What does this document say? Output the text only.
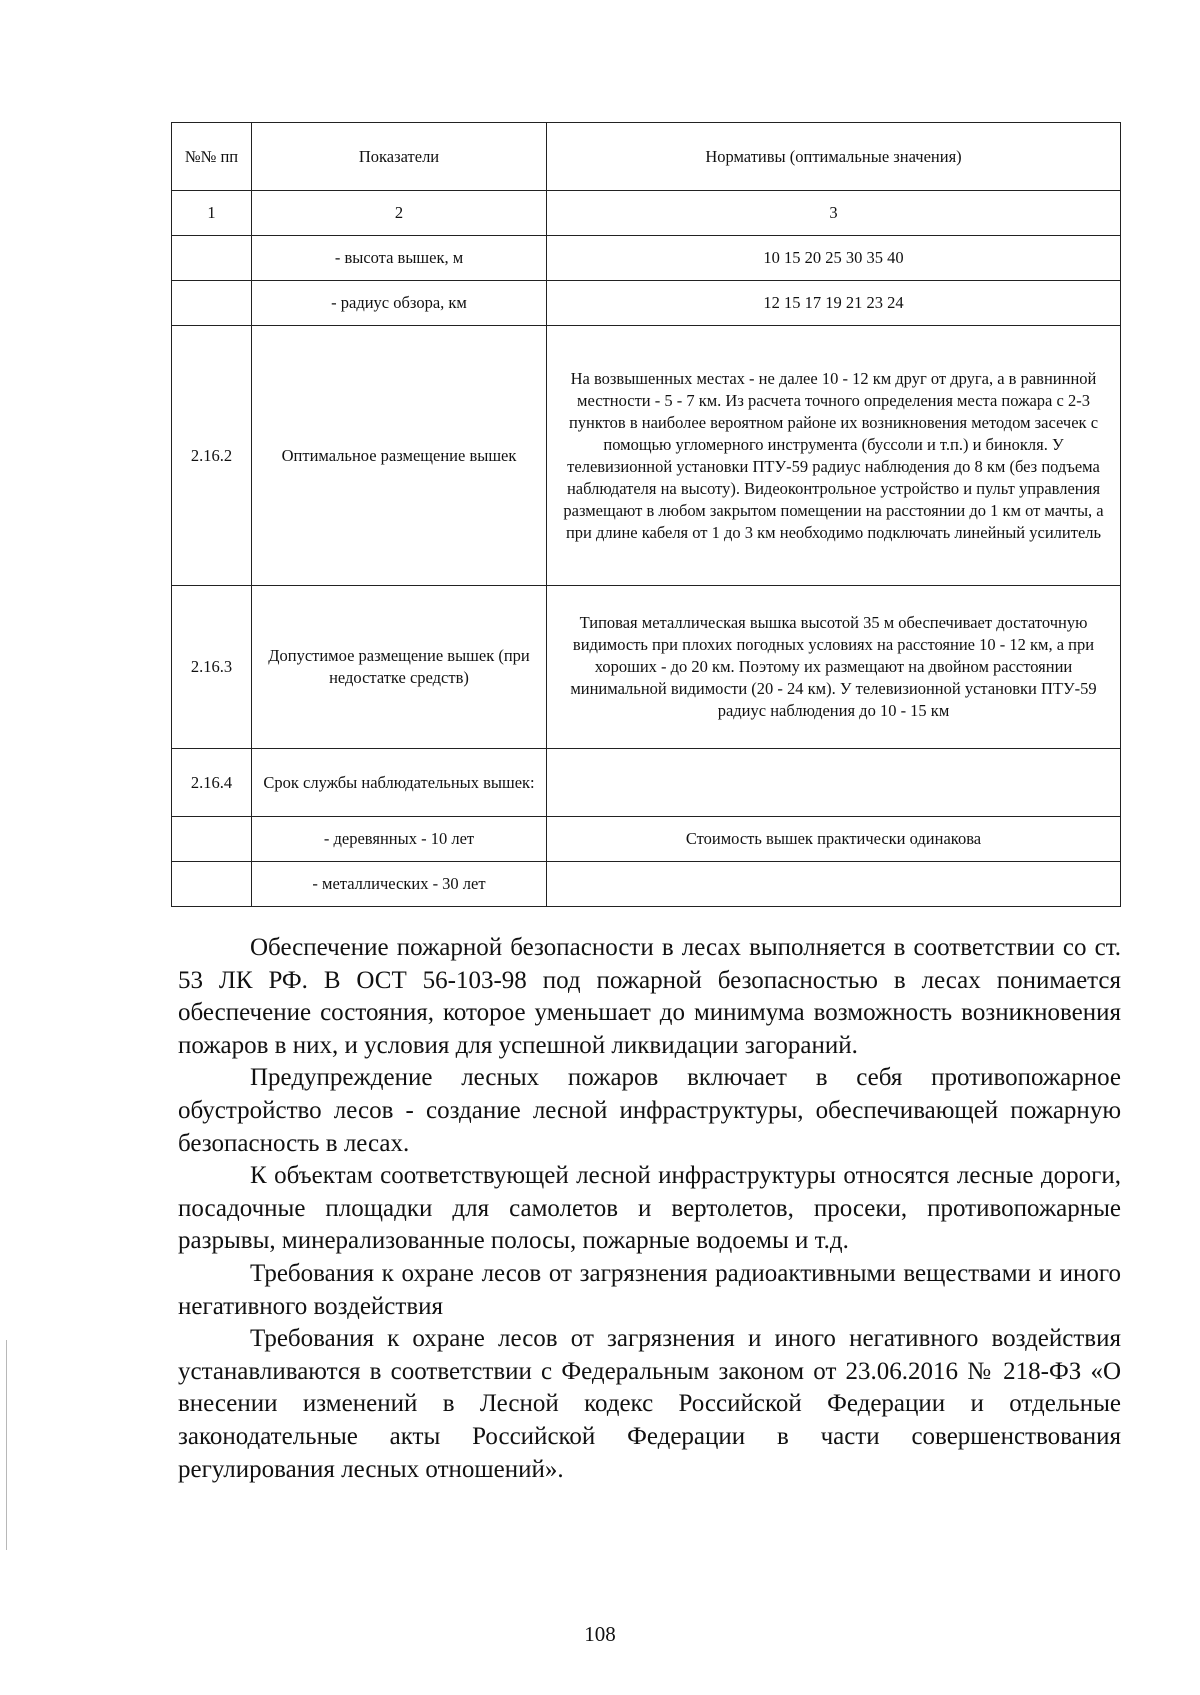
№№ пп	Показатели	Нормативы (оптимальные значения)
1	2	3
	- высота вышек, м	10 15 20 25 30 35 40
	- радиус обзора, км	12 15 17 19 21 23 24
2.16.2	Оптимальное размещение вышек	На возвышенных местах - не далее 10 - 12 км друг от друга, а в равнинной местности - 5 - 7 км. Из расчета точного определения места пожара с 2-3 пунктов в наиболее вероятном районе их возникновения методом засечек с помощью угломерного инструмента (буссоли и т.п.) и бинокля. У телевизионной установки ПТУ-59 радиус наблюдения до 8 км (без подъема наблюдателя на высоту). Видеоконтрольное устройство и пульт управления размещают в любом закрытом помещении на расстоянии до 1 км от мачты, а при длине кабеля от 1 до 3 км необходимо подключать линейный усилитель
2.16.3	Допустимое размещение вышек (при недостатке средств)	Типовая металлическая вышка высотой 35 м обеспечивает достаточную видимость при плохих погодных условиях на расстояние 10 - 12 км, а при хороших - до 20 км. Поэтому их размещают на двойном расстоянии минимальной видимости (20 - 24 км). У телевизионной установки ПТУ-59 радиус наблюдения до 10 - 15 км
2.16.4	Срок службы наблюдательных вышек:	
	- деревянных - 10 лет	Стоимость вышек практически одинакова
	- металлических - 30 лет	

Обеспечение пожарной безопасности в лесах выполняется в соответствии со ст. 53 ЛК РФ. В ОСТ 56-103-98 под пожарной безопасностью в лесах понимается обеспечение состояния, которое уменьшает до минимума возможность возникновения пожаров в них, и условия для успешной ликвидации загораний.

Предупреждение лесных пожаров включает в себя противопожарное обустройство лесов - создание лесной инфраструктуры, обеспечивающей пожарную безопасность в лесах.

К объектам соответствующей лесной инфраструктуры относятся лесные дороги, посадочные площадки для самолетов и вертолетов, просеки, противопожарные разрывы, минерализованные полосы, пожарные водоемы и т.д.

Требования к охране лесов от загрязнения радиоактивными веществами и иного негативного воздействия

Требования к охране лесов от загрязнения и иного негативного воздействия устанавливаются в соответствии с Федеральным законом от 23.06.2016 № 218-ФЗ «О внесении изменений в Лесной кодекс Российской Федерации и отдельные законодательные акты Российской Федерации в части совершенствования регулирования лесных отношений».

108
